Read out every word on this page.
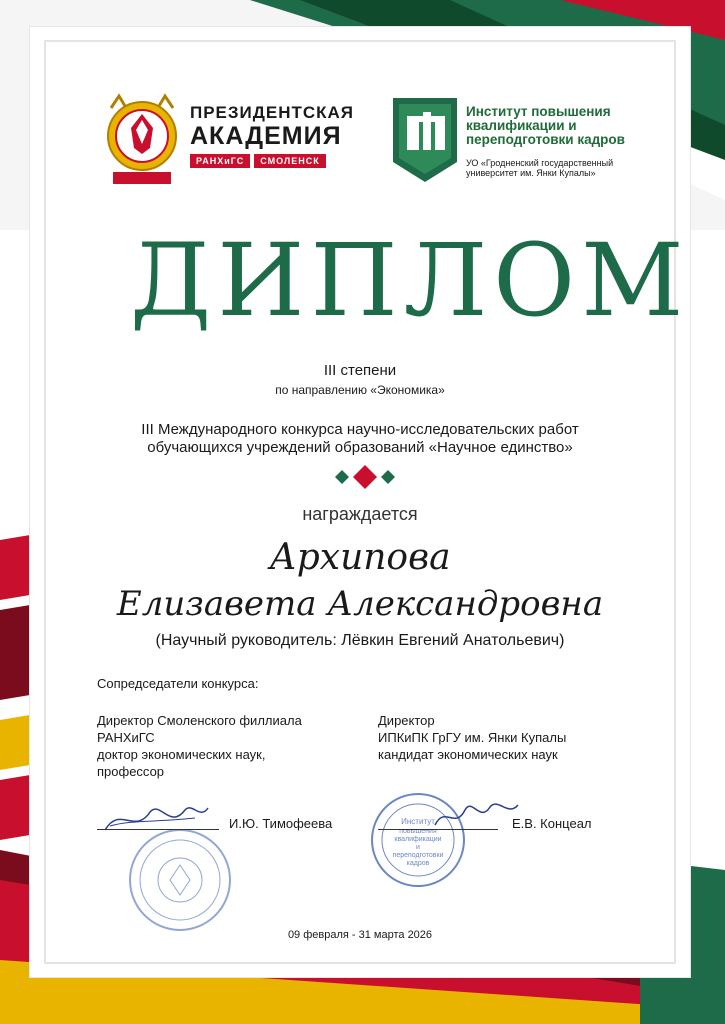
ПРЕЗИДЕНТСКАЯ
АКАДЕМИЯ
РАНХиГС	СМОЛЕНСК
Институт повышения квалификации и переподготовки кадров
УО «Гродненский государственный университет им. Янки Купалы»
ДИПЛОМ
III степени
по направлению «Экономика»
III Международного конкурса научно-исследовательских работ
обучающихся учреждений образований «Научное единство»
награждается
Архипова
Елизавета Александровна
(Научный руководитель: Лёвкин Евгений Анатольевич)
Сопредседатели конкурса:
Директор Смоленского филлиала
РАНХиГС
доктор экономических наук,
профессор
Директор
ИПКиПК ГрГУ им. Янки Купалы
кандидат экономических наук
И.Ю. Тимофеева	Институт
повышения
квалификации
и
переподготовки
кадров
Е.В. Концеал
09 февраля - 31 марта 2026
